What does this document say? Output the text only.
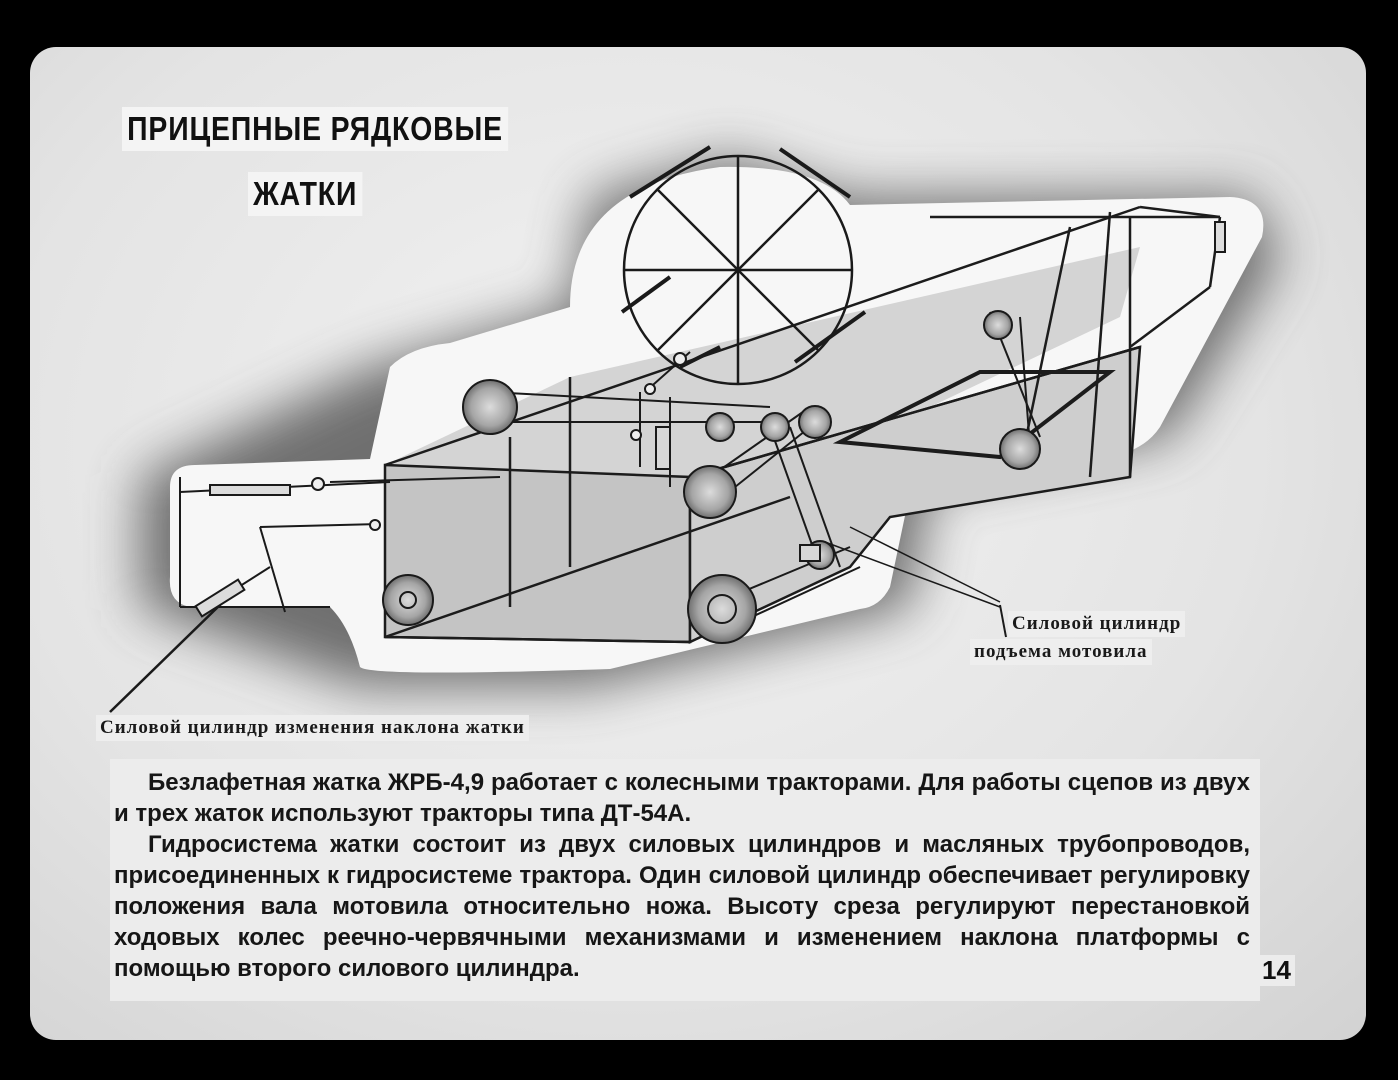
ПРИЦЕПНЫЕ РЯДКОВЫЕ
ЖАТКИ
Силовой цилиндр
подъема мотовила
Силовой цилиндр изменения наклона жатки
Безлафетная жатка ЖРБ-4,9 работает с колесными тракторами. Для работы сцепов из двух и трех жаток используют тракторы типа ДТ-54А.
Гидросистема жатки состоит из двух силовых цилиндров и масляных трубопроводов, присоединенных к гидросистеме трактора. Один силовой цилиндр обеспечивает регулировку положения вала мотовила относительно ножа. Высоту среза регулируют перестановкой ходовых колес реечно-червячными механизмами и изменением наклона платформы с помощью второго силового цилиндра.	14
